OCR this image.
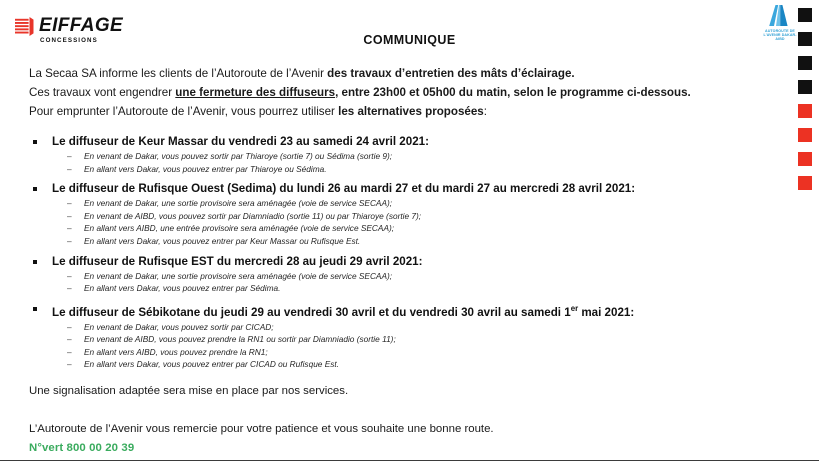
EIFFAGE
CONCESSIONS	COMMUNIQUE
AUTOROUTE DE L'AVENIR DAKAR-AIBD

La Secaa SA informe les clients de l’Autoroute de l’Avenir des travaux d’entretien des mâts d’éclairage.

Ces travaux vont engendrer une fermeture des diffuseurs, entre 23h00 et 05h00 du matin, selon le programme ci-dessous.

Pour emprunter l’Autoroute de l’Avenir, vous pourrez utiliser les alternatives proposées:

Le diffuseur de Keur Massar du vendredi 23 au samedi 24 avril 2021:
– En venant de Dakar, vous pouvez sortir par Thiaroye (sortie 7) ou Sédima (sortie 9);
– En allant vers Dakar, vous pouvez entrer par Thiaroye ou Sédima.
Le diffuseur de Rufisque Ouest (Sedima) du lundi 26 au mardi 27 et du mardi 27 au mercredi 28 avril 2021:
– En venant de Dakar, une sortie provisoire sera aménagée (voie de service SECAA);
– En venant de AIBD, vous pouvez sortir par Diamniadio (sortie 11) ou par Thiaroye (sortie 7);
– En allant vers AIBD, une entrée provisoire sera aménagée (voie de service SECAA);
– En allant vers Dakar, vous pouvez entrer par Keur Massar ou Rufisque Est.
Le diffuseur de Rufisque EST du mercredi 28 au jeudi 29 avril 2021:
– En venant de Dakar, une sortie provisoire sera aménagée (voie de service SECAA);
– En allant vers Dakar, vous pouvez entrer par Sédima.
Le diffuseur de Sébikotane du jeudi 29 au vendredi 30 avril et du vendredi 30 avril au samedi 1er mai 2021:
– En venant de Dakar, vous pouvez sortir par CICAD;
– En venant de AIBD, vous pouvez prendre la RN1 ou sortir par Diamniadio (sortie 11);
– En allant vers AIBD, vous pouvez prendre la RN1;
– En allant vers Dakar, vous pouvez entrer par CICAD ou Rufisque Est.

Une signalisation adaptée sera mise en place par nos services.

L’Autoroute de l’Avenir vous remercie pour votre patience et vous souhaite une bonne route.

N°vert 800 00 20 39
